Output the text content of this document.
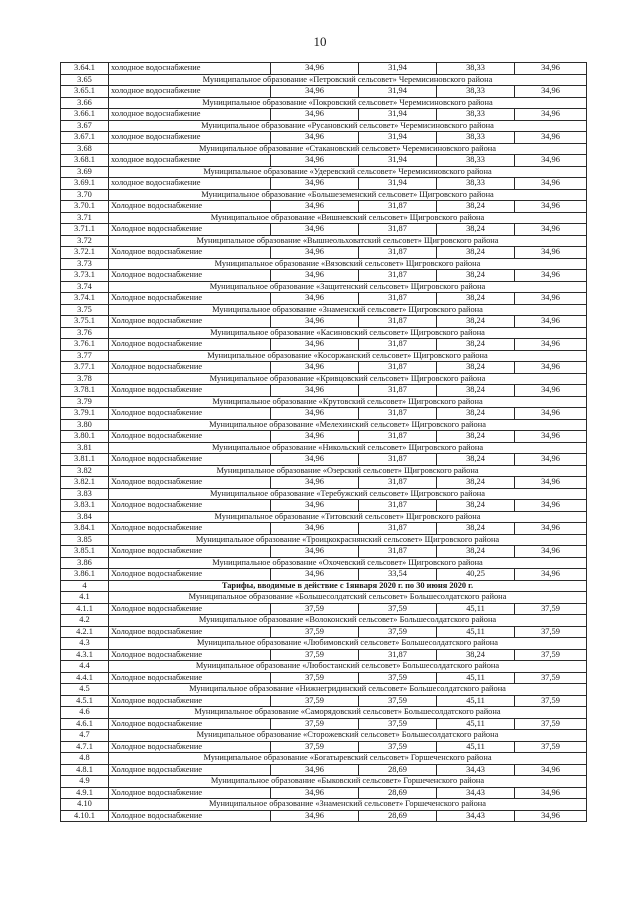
10
3.64.1	холодное водоснабжение	34,96	31,94	38,33	34,96
3.65	Муниципальное образование «Петровский сельсовет» Черемисиновского района				
3.65.1	холодное водоснабжение	34,96	31,94	38,33	34,96
3.66	Муниципальное образование «Покровский сельсовет» Черемисиновского района				
3.66.1	холодное водоснабжение	34,96	31,94	38,33	34,96
3.67	Муниципальное образование «Русановский сельсовет» Черемисиновского района				
3.67.1	холодное водоснабжение	34,96	31,94	38,33	34,96
3.68	Муниципальное образование «Стаканoвский сельсовет» Черемисиновского района				
3.68.1	холодное водоснабжение	34,96	31,94	38,33	34,96
3.69	Муниципальное образование «Удеревский сельсовет» Черемисиновского района				
3.69.1	холодное водоснабжение	34,96	31,94	38,33	34,96
3.70	Муниципальное образование «Большеземенский сельсовет» Щигровского района				
3.70.1	Холодное водоснабжение	34,96	31,87	38,24	34,96
3.71	Муниципальное образование «Вишневский сельсовет» Щигровского района				
3.71.1	Холодное водоснабжение	34,96	31,87	38,24	34,96
3.72	Муниципальное образование «Вышнеольховатский сельсовет» Щигровского района				
3.72.1	Холодное водоснабжение	34,96	31,87	38,24	34,96
3.73	Муниципальное образование «Вязовский сельсовет» Щигровского района				
3.73.1	Холодное водоснабжение	34,96	31,87	38,24	34,96
3.74	Муниципальное образование «Защитенский сельсовет» Щигровского района				
3.74.1	Холодное водоснабжение	34,96	31,87	38,24	34,96
3.75	Муниципальное образование «Знаменский сельсовет» Щигровского района				
3.75.1	Холодное водоснабжение	34,96	31,87	38,24	34,96
3.76	Муниципальное образование «Касиновский сельсовет» Щигровского района				
3.76.1	Холодное водоснабжение	34,96	31,87	38,24	34,96
3.77	Муниципальное образование «Косоржанский сельсовет» Щигровского района				
3.77.1	Холодное водоснабжение	34,96	31,87	38,24	34,96
3.78	Муниципальное образование «Кривцовский сельсовет» Щигровского района				
3.78.1	Холодное водоснабжение	34,96	31,87	38,24	34,96
3.79	Муниципальное образование «Крутовский сельсовет» Щигровского района				
3.79.1	Холодное водоснабжение	34,96	31,87	38,24	34,96
3.80	Муниципальное образование «Мелехинский сельсовет» Щигровского района				
3.80.1	Холодное водоснабжение	34,96	31,87	38,24	34,96
3.81	Муниципальное образование «Никольский сельсовет» Щигровского района				
3.81.1	Холодное водоснабжение	34,96	31,87	38,24	34,96
3.82	Муниципальное образование «Озерский сельсовет» Щигровского района				
3.82.1	Холодное водоснабжение	34,96	31,87	38,24	34,96
3.83	Муниципальное образование «Теребужский сельсовет» Щигровского района				
3.83.1	Холодное водоснабжение	34,96	31,87	38,24	34,96
3.84	Муниципальное образование «Титовский сельсовет» Щигровского района				
3.84.1	Холодное водоснабжение	34,96	31,87	38,24	34,96
3.85	Муниципальное образование «Троицкокраснянский сельсовет» Щигровского района				
3.85.1	Холодное водоснабжение	34,96	31,87	38,24	34,96
3.86	Муниципальное образование «Охочевский сельсовет» Щигровского района				
3.86.1	Холодное водоснабжение	34,96	33,54	40,25	34,96
4	Тарифы, вводимые в действие с 1января 2020 г. по 30 июня 2020 г.				
4.1	Муниципальное образование «Большесолдатский сельсовет» Большесолдатского района				
4.1.1	Холодное водоснабжение	37,59	37,59	45,11	37,59
4.2	Муниципальное образование «Волоконский сельсовет» Большесолдатского района				
4.2.1	Холодное водоснабжение	37,59	37,59	45,11	37,59
4.3	Муниципальное образование «Любимовский сельсовет» Большесолдатского района				
4.3.1	Холодное водоснабжение	37,59	31,87	38,24	37,59
4.4	Муниципальное образование «Любостанский сельсовет» Большесолдатского района				
4.4.1	Холодное водоснабжение	37,59	37,59	45,11	37,59
4.5	Муниципальное образование «Нижнегридинский сельсовет» Большесолдатского района				
4.5.1	Холодное водоснабжение	37,59	37,59	45,11	37,59
4.6	Муниципальное образование «Саморядовский сельсовет» Большесолдатского района				
4.6.1	Холодное водоснабжение	37,59	37,59	45,11	37,59
4.7	Муниципальное образование «Сторожевский сельсовет» Большесолдатского района				
4.7.1	Холодное водоснабжение	37,59	37,59	45,11	37,59
4.8	Муниципальное образование «Богатыревский сельсовет» Горшеченского района				
4.8.1	Холодное водоснабжение	34,96	28,69	34,43	34,96
4.9	Муниципальное образование «Быковский сельсовет» Горшеченского района				
4.9.1	Холодное водоснабжение	34,96	28,69	34,43	34,96
4.10	Муниципальное образование «Знаменский сельсовет» Горшеченского района				
4.10.1	Холодное водоснабжение	34,96	28,69	34,43	34,96
